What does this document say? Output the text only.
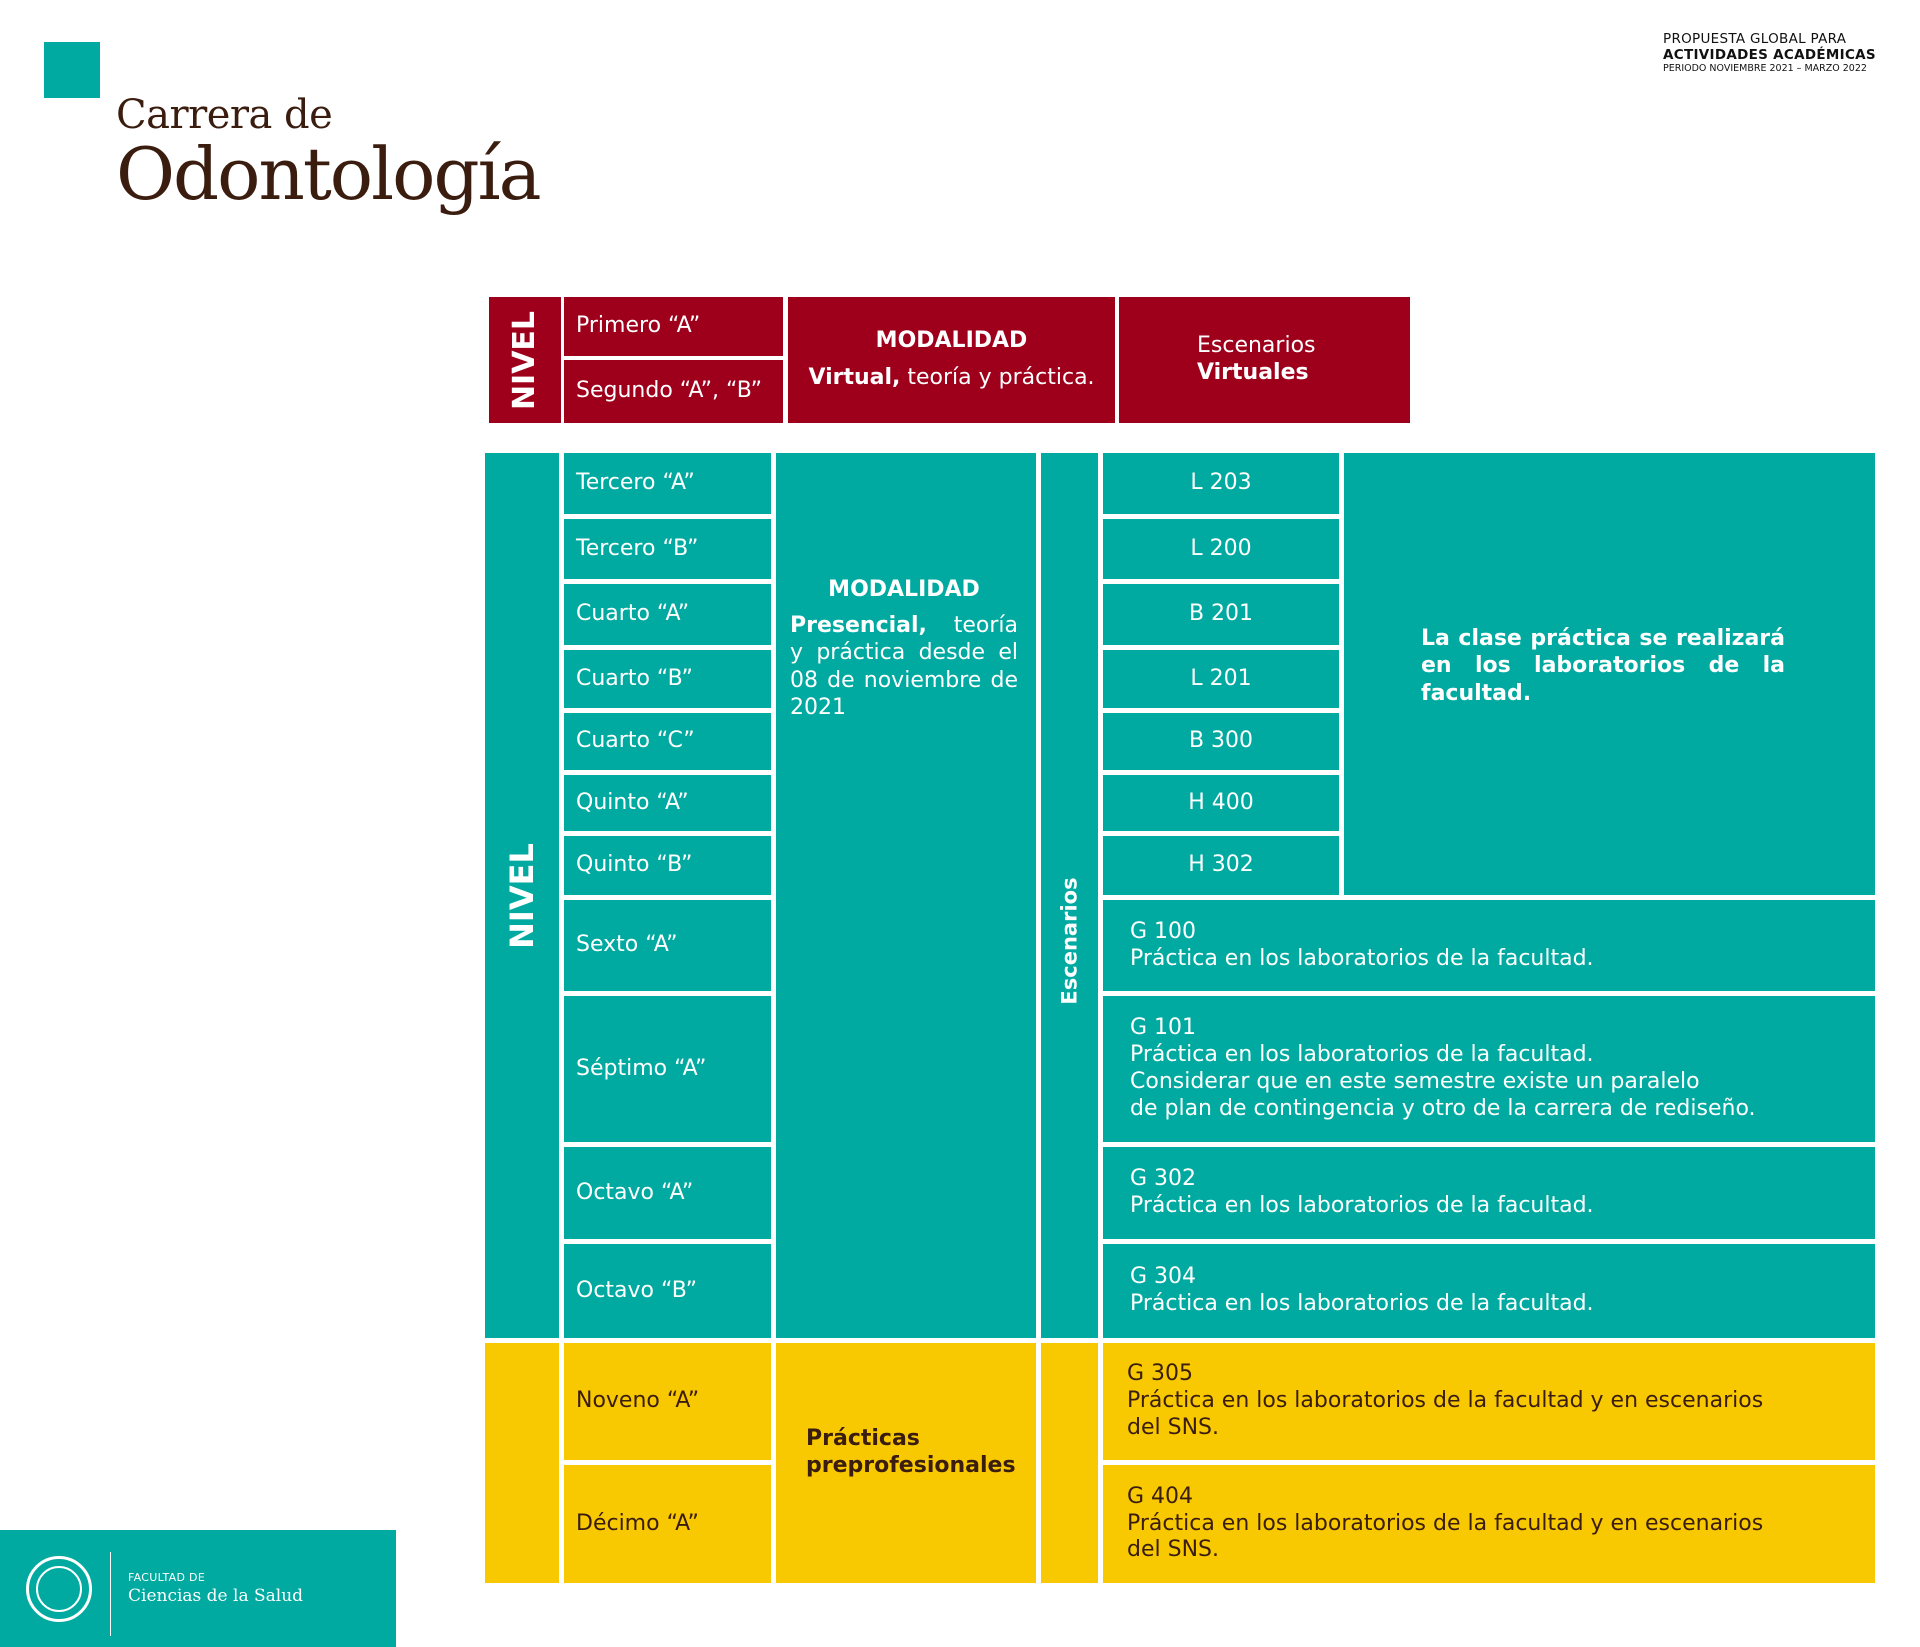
Carrera de
Odontología
PROPUESTA GLOBAL PARA
ACTIVIDADES ACADÉMICAS
PERIODO NOVIEMBRE 2021 – MARZO 2022
NIVEL	Primero “A”
Segundo “A”, “B”
MODALIDAD
Virtual, teoría y práctica.
Escenarios
Virtuales
NIVEL
Tercero “A”
Tercero “B”
Cuarto “A”
Cuarto “B”
Cuarto “C”
Quinto “A”
Quinto “B”
Sexto “A”
Séptimo “A”
Octavo “A”
Octavo “B”
MODALIDAD
Presencial, teoría y práctica desde el 08 de noviembre de 2021
Escenarios
L 203
L 200
B 201
L 201
B 300
H 400
H 302
La clase práctica se realizará en los laboratorios de la facultad.
G 100
Práctica en los laboratorios de la facultad.
G 101
Práctica en los laboratorios de la facultad.
Considerar que en este semestre existe un paralelo
de plan de contingencia y otro de la carrera de rediseño.
G 302
Práctica en los laboratorios de la facultad.
G 304
Práctica en los laboratorios de la facultad.
Noveno “A”
Décimo “A”
Prácticas preprofesionales
G 305
Práctica en los laboratorios de la facultad y en escenarios
del SNS.
G 404
Práctica en los laboratorios de la facultad y en escenarios
del SNS.
FACULTAD DE
Ciencias de la Salud
